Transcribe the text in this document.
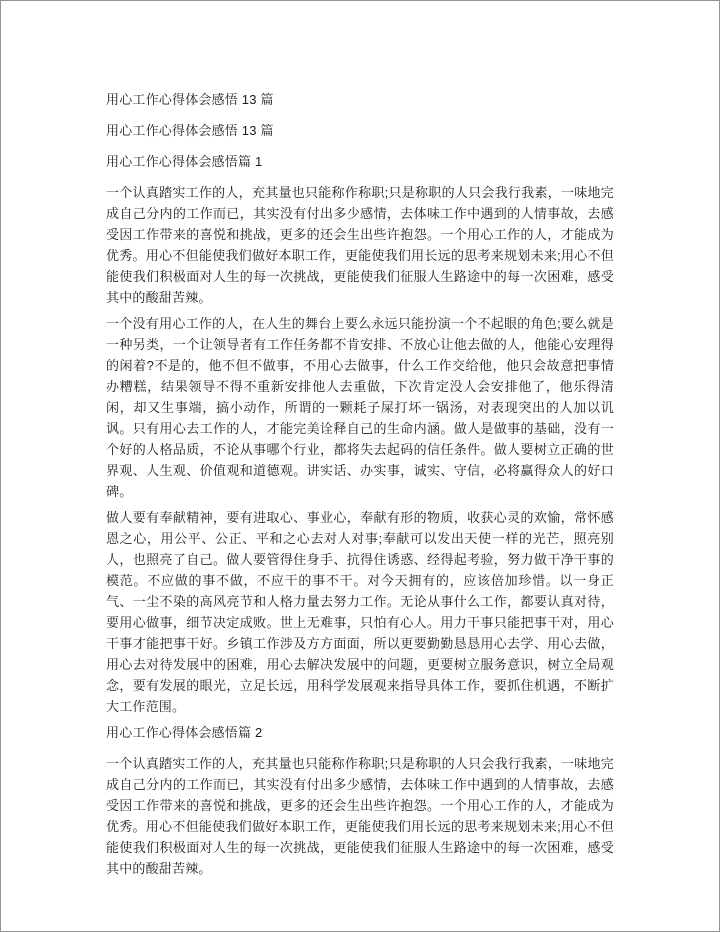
用心工作心得体会感悟 13 篇
用心工作心得体会感悟 13 篇
用心工作心得体会感悟篇 1
一个认真踏实工作的人，充其量也只能称作称职;只是称职的人只会我行我素，一味地完成自己分内的工作而已，其实没有付出多少感情，去体味工作中遇到的人情事故，去感受因工作带来的喜悦和挑战，更多的还会生出些许抱怨。一个用心工作的人，才能成为优秀。用心不但能使我们做好本职工作，更能使我们用长远的思考来规划未来;用心不但能使我们积极面对人生的每一次挑战，更能使我们征服人生路途中的每一次困难，感受其中的酸甜苦辣。
一个没有用心工作的人，在人生的舞台上要么永远只能扮演一个不起眼的角色;要么就是一种另类，一个让领导者有工作任务都不肯安排、不放心让他去做的人，他能心安理得的闲着?不是的，他不但不做事，不用心去做事，什么工作交给他，他只会故意把事情办糟糕，结果领导不得不重新安排他人去重做，下次肯定没人会安排他了，他乐得清闲，却又生事端，搞小动作，所谓的一颗耗子屎打坏一锅汤，对表现突出的人加以讥讽。只有用心去工作的人，才能完美诠释自己的生命内涵。做人是做事的基础，没有一个好的人格品质，不论从事哪个行业，都将失去起码的信任条件。做人要树立正确的世界观、人生观、价值观和道德观。讲实话、办实事，诚实、守信，必将赢得众人的好口碑。
做人要有奉献精神，要有进取心、事业心，奉献有形的物质，收获心灵的欢愉，常怀感恩之心，用公平、公正、平和之心去对人对事;奉献可以发出天使一样的光芒，照亮别人，也照亮了自己。做人要管得住身手、抗得住诱惑、经得起考验，努力做干净干事的模范。不应做的事不做，不应干的事不干。对今天拥有的，应该倍加珍惜。以一身正气、一尘不染的高风亮节和人格力量去努力工作。无论从事什么工作，都要认真对待，要用心做事，细节决定成败。世上无难事，只怕有心人。用力干事只能把事干对，用心干事才能把事干好。乡镇工作涉及方方面面，所以更要勤勤恳恳用心去学、用心去做，用心去对待发展中的困难，用心去解决发展中的问题，更要树立服务意识，树立全局观念，要有发展的眼光，立足长远，用科学发展观来指导具体工作，要抓住机遇，不断扩大工作范围。
用心工作心得体会感悟篇 2
一个认真踏实工作的人，充其量也只能称作称职;只是称职的人只会我行我素，一味地完成自己分内的工作而已，其实没有付出多少感情，去体味工作中遇到的人情事故，去感受因工作带来的喜悦和挑战，更多的还会生出些许抱怨。一个用心工作的人，才能成为优秀。用心不但能使我们做好本职工作，更能使我们用长远的思考来规划未来;用心不但能使我们积极面对人生的每一次挑战，更能使我们征服人生路途中的每一次困难，感受其中的酸甜苦辣。
